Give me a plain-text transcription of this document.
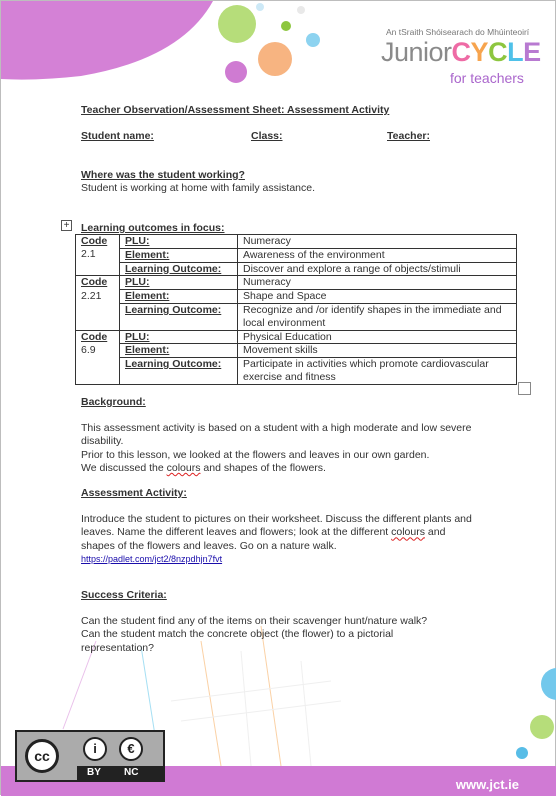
An tSraith Shóisearach do Mhúinteoirí
JuniorCYCLE
for teachers
Teacher Observation/Assessment Sheet: Assessment Activity
Student name:	Class:	Teacher:
Where was the student working?
Student is working at home with family assistance.
Learning outcomes in focus:
Background:
This assessment activity is based on a student with a high moderate and low severe disability.
Prior to this lesson, we looked at the flowers and leaves in our own garden.
We discussed the colours and shapes of the flowers.
Assessment Activity:
Introduce the student to pictures on their worksheet. Discuss the different plants and leaves. Name the different leaves and flowers; look at the different colours and shapes of the flowers and leaves. Go on a nature walk.
https://padlet.com/jct2/8nzpdhjn7fvt
Success Criteria:
Can the student find any of the items on their scavenger hunt/nature walk?
Can the student match the concrete object (the flower) to a pictorial representation?
+
Code	PLU:	Numeracy
2.1	Element:	Awareness of the environment
	Learning Outcome:	Discover and explore a range of objects/stimuli
Code	PLU:	Numeracy
2.21	Element:	Shape and Space
	Learning Outcome:	Recognize and /or identify shapes in the immediate and local environment
Code	PLU:	Physical Education
6.9	Element:	Movement skills
	Learning Outcome:	Participate in activities which promote cardiovascular exercise and fitness
www.jct.ie
cc	i	€
BY NC
